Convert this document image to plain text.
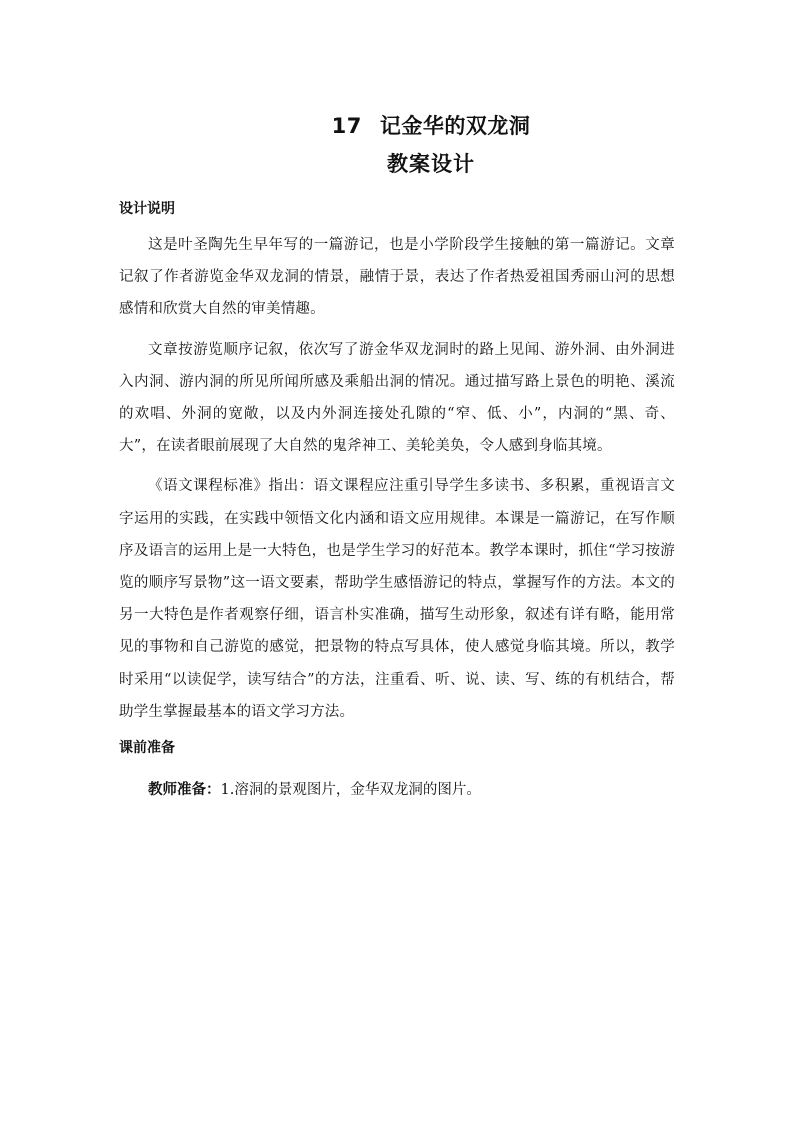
17 记金华的双龙洞
教案设计
设计说明

这是叶圣陶先生早年写的一篇游记，也是小学阶段学生接触的第一篇游记。文章记叙了作者游览金华双龙洞的情景，融情于景，表达了作者热爱祖国秀丽山河的思想感情和欣赏大自然的审美情趣。

文章按游览顺序记叙，依次写了游金华双龙洞时的路上见闻、游外洞、由外洞进入内洞、游内洞的所见所闻所感及乘船出洞的情况。通过描写路上景色的明艳、溪流的欢唱、外洞的宽敞，以及内外洞连接处孔隙的“窄、低、小”，内洞的“黑、奇、大”，在读者眼前展现了大自然的鬼斧神工、美轮美奂，令人感到身临其境。

《语文课程标准》指出：语文课程应注重引导学生多读书、多积累，重视语言文字运用的实践，在实践中领悟文化内涵和语文应用规律。本课是一篇游记，在写作顺序及语言的运用上是一大特色，也是学生学习的好范本。教学本课时，抓住“学习按游览的顺序写景物”这一语文要素，帮助学生感悟游记的特点，掌握写作的方法。本文的另一大特色是作者观察仔细，语言朴实准确，描写生动形象，叙述有详有略，能用常见的事物和自己游览的感觉，把景物的特点写具体，使人感觉身临其境。所以，教学时采用“以读促学，读写结合”的方法，注重看、听、说、读、写、练的有机结合，帮助学生掌握最基本的语文学习方法。

课前准备

教师准备：1.溶洞的景观图片，金华双龙洞的图片。
